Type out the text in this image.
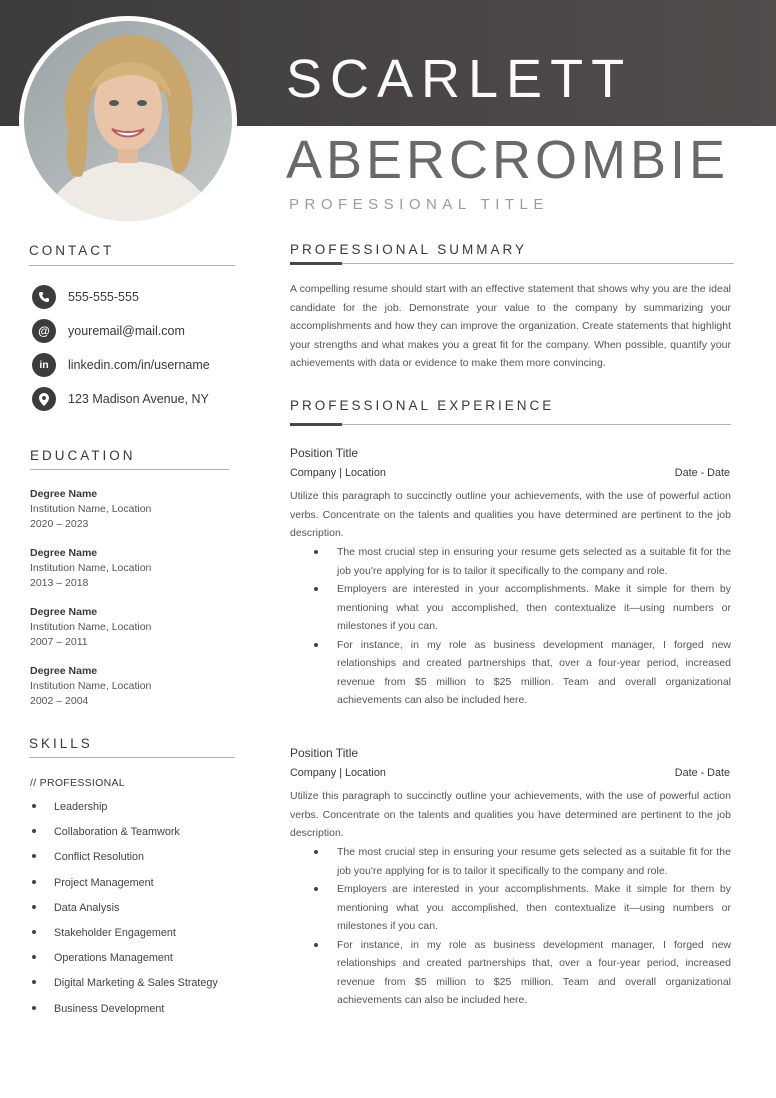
SCARLETT
ABERCROMBIE
PROFESSIONAL TITLE
CONTACT
555-555-555
@ youremail@mail.com
in linkedin.com/in/username
123 Madison Avenue, NY
EDUCATION
Degree Name
Institution Name, Location
2020 – 2023
Degree Name
Institution Name, Location
2013 – 2018
Degree Name
Institution Name, Location
2007 – 2011
Degree Name
Institution Name, Location
2002 – 2004
SKILLS
// PROFESSIONAL
Leadership
Collaboration & Teamwork
Conflict Resolution
Project Management
Data Analysis
Stakeholder Engagement
Operations Management
Digital Marketing & Sales Strategy
Business Development
PROFESSIONAL SUMMARY
A compelling resume should start with an effective statement that shows why you are the ideal candidate for the job. Demonstrate your value to the company by summarizing your accomplishments and how they can improve the organization. Create statements that highlight your strengths and what makes you a great fit for the company. When possible, quantify your achievements with data or evidence to make them more convincing.
PROFESSIONAL EXPERIENCE
Position Title
Company | Location	Date - Date
Utilize this paragraph to succinctly outline your achievements, with the use of powerful action verbs. Concentrate on the talents and qualities you have determined are pertinent to the job description.
The most crucial step in ensuring your resume gets selected as a suitable fit for the job you're applying for is to tailor it specifically to the company and role.
Employers are interested in your accomplishments. Make it simple for them by mentioning what you accomplished, then contextualize it—using numbers or milestones if you can.
For instance, in my role as business development manager, I forged new relationships and created partnerships that, over a four-year period, increased revenue from $5 million to $25 million. Team and overall organizational achievements can also be included here.
Position Title
Company | Location	Date - Date
Utilize this paragraph to succinctly outline your achievements, with the use of powerful action verbs. Concentrate on the talents and qualities you have determined are pertinent to the job description.
The most crucial step in ensuring your resume gets selected as a suitable fit for the job you're applying for is to tailor it specifically to the company and role.
Employers are interested in your accomplishments. Make it simple for them by mentioning what you accomplished, then contextualize it—using numbers or milestones if you can.
For instance, in my role as business development manager, I forged new relationships and created partnerships that, over a four-year period, increased revenue from $5 million to $25 million. Team and overall organizational achievements can also be included here.
